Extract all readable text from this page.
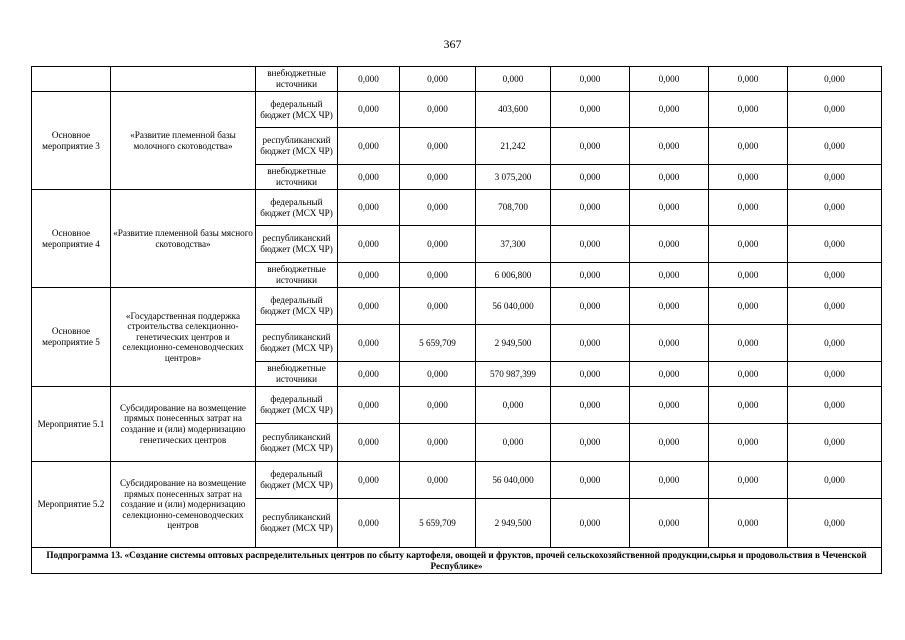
367
		внебюджетные источники	0,000	0,000	0,000	0,000	0,000	0,000	0,000
Основное мероприятие 3	«Развитие племенной базы молочного скотоводства»	федеральный бюджет (МСХ ЧР)	0,000	0,000	403,600	0,000	0,000	0,000	0,000
		республиканский бюджет (МСХ ЧР)	0,000	0,000	21,242	0,000	0,000	0,000	0,000
		внебюджетные источники	0,000	0,000	3 075,200	0,000	0,000	0,000	0,000
Основное мероприятие 4	«Развитие племенной базы мясного скотоводства»	федеральный бюджет (МСХ ЧР)	0,000	0,000	708,700	0,000	0,000	0,000	0,000
		республиканский бюджет (МСХ ЧР)	0,000	0,000	37,300	0,000	0,000	0,000	0,000
		внебюджетные источники	0,000	0,000	6 006,800	0,000	0,000	0,000	0,000
Основное мероприятие 5	«Государственная поддержка строительства селекционно-генетических центров и селекционно-семеноводческих центров»	федеральный бюджет (МСХ ЧР)	0,000	0,000	56 040,000	0,000	0,000	0,000	0,000
		республиканский бюджет (МСХ ЧР)	0,000	5 659,709	2 949,500	0,000	0,000	0,000	0,000
		внебюджетные источники	0,000	0,000	570 987,399	0,000	0,000	0,000	0,000
Мероприятие 5.1	Субсидирование на возмещение прямых понесенных затрат на создание и (или) модернизацию генетических центров	федеральный бюджет (МСХ ЧР)	0,000	0,000	0,000	0,000	0,000	0,000	0,000
		республиканский бюджет (МСХ ЧР)	0,000	0,000	0,000	0,000	0,000	0,000	0,000
Мероприятие 5.2	Субсидирование на возмещение прямых понесенных затрат на создание и (или) модернизацию селекционно-семеноводческих центров	федеральный бюджет (МСХ ЧР)	0,000	0,000	56 040,000	0,000	0,000	0,000	0,000
		республиканский бюджет (МСХ ЧР)	0,000	5 659,709	2 949,500	0,000	0,000	0,000	0,000
Подпрограмма 13. «Создание системы оптовых распределительных центров по сбыту картофеля, овощей и фруктов, прочей сельскохозяйственной продукции,сырья и продовольствия в Чеченской Республике»									
